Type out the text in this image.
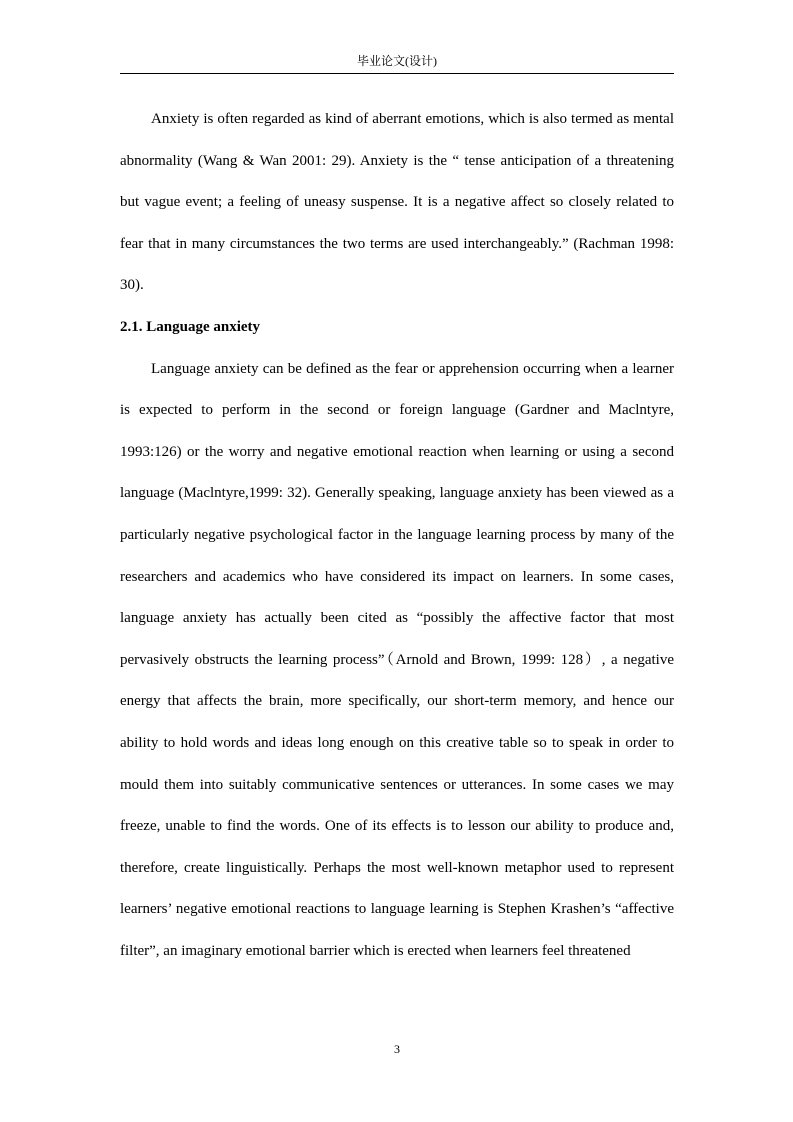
毕业论文(设计)

Anxiety is often regarded as kind of aberrant emotions, which is also termed as mental abnormality (Wang & Wan 2001: 29). Anxiety is the “ tense anticipation of a threatening but vague event; a feeling of uneasy suspense. It is a negative affect so closely related to fear that in many circumstances the two terms are used interchangeably.” (Rachman 1998: 30).

2.1. Language anxiety

Language anxiety can be defined as the fear or apprehension occurring when a learner is expected to perform in the second or foreign language (Gardner and Maclntyre, 1993:126) or the worry and negative emotional reaction when learning or using a second language (Maclntyre,1999: 32). Generally speaking, language anxiety has been viewed as a particularly negative psychological factor in the language learning process by many of the researchers and academics who have considered its impact on learners. In some cases, language anxiety has actually been cited as “possibly the affective factor that most pervasively obstructs the learning process”（Arnold and Brown, 1999: 128）, a negative energy that affects the brain, more specifically, our short-term memory, and hence our ability to hold words and ideas long enough on this creative table so to speak in order to mould them into suitably communicative sentences or utterances. In some cases we may freeze, unable to find the words. One of its effects is to lesson our ability to produce and, therefore, create linguistically. Perhaps the most well-known metaphor used to represent learners’ negative emotional reactions to language learning is Stephen Krashen’s “affective filter”, an imaginary emotional barrier which is erected when learners feel threatened

3
